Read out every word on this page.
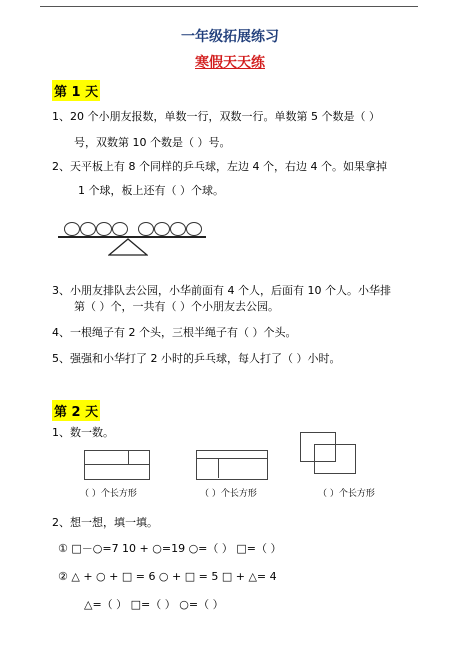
一年级拓展练习
寒假天天练
第 1 天
1、20 个小朋友报数，单数一行，双数一行。单数第 5 个数是（ ）
号，双数第 10 个数是（ ）号。
2、天平板上有 8 个同样的乒乓球，左边 4 个，右边 4 个。如果拿掉
1 个球，板上还有（ ）个球。
3、小朋友排队去公园，小华前面有 4 个人，后面有 10 个人。小华排
第（ ）个，一共有（ ）个小朋友去公园。
4、一根绳子有 2 个头，三根半绳子有（ ）个头。
5、强强和小华打了 2 小时的乒乓球，每人打了（ ）小时。
第 2 天
1、数一数。
（ ）个长方形	（ ）个长方形	（ ）个长方形
2、想一想，填一填。
① □－○=7 10 + ○=19 ○=（ ） □=（ ）
② △ + ○ + □ = 6 ○ + □ = 5 □ + △= 4
△=（ ） □=（ ） ○=（ ）
